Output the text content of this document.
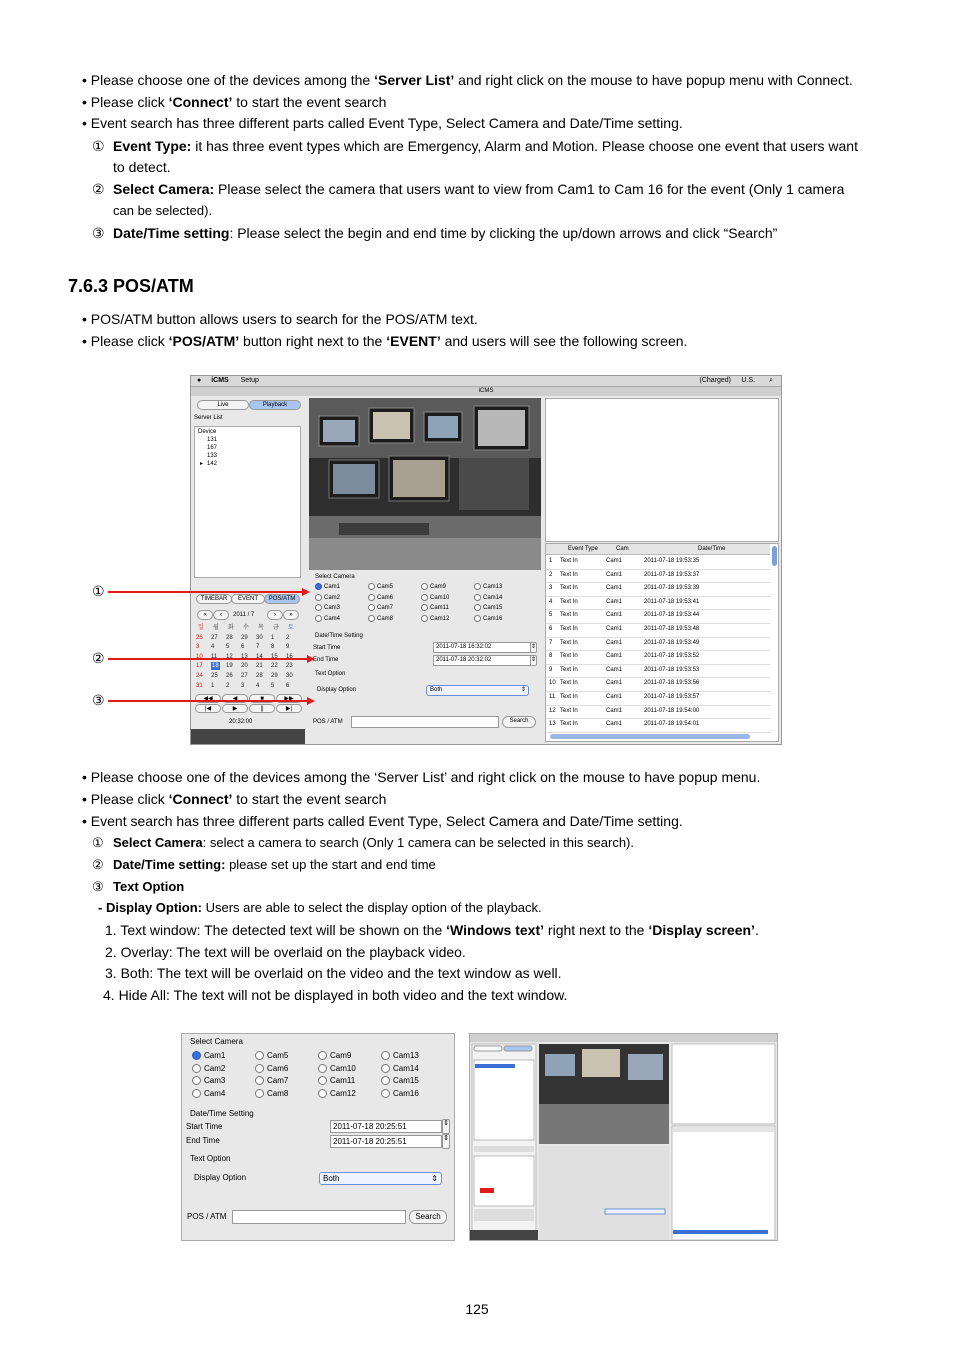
• Please choose one of the devices among the ‘Server List’ and right click on the mouse to have popup menu with Connect.
• Please click ‘Connect’ to start the event search
• Event search has three different parts called Event Type, Select Camera and Date/Time setting.
① Event Type: it has three event types which are Emergency, Alarm and Motion. Please choose one event that users want
to detect.
② Select Camera: Please select the camera that users want to view from Cam1 to Cam 16 for the event (Only 1 camera
can be selected).
③ Date/Time setting: Please select the begin and end time by clicking the up/down arrows and click “Search”
7.6.3 POS/ATM
• POS/ATM button allows users to search for the POS/ATM text.
• Please click ‘POS/ATM’ button right next to the ‘EVENT’ and users will see the following screen.
● iCMS Setup	(Charged) U.S. ⌕
iCMS
Live	Playback
Server List
Device
131
167
133
▸ 142
TIMEBAR	EVENT	POS/ATM
«	‹	2011 / 7	›	»
일 월 화 수 목 금 토
26 27 28 29 30 1 2
3 4 5 6 7 8 9
10 11 12 13 14 15 16
17 18 19 20 21 22 23
24 25 26 27 28 29 30
31 1 2 3 4 5 6
◀◀	◀	■	▶▶
|◀	▶	||	▶|
20:32:00
Event Type	Cam	Date/Time
1 Text In	Cam1	2011-07-18 19:53:35
2 Text In	Cam1	2011-07-18 19:53:37
3 Text In	Cam1	2011-07-18 19:53:39
4 Text In	Cam1	2011-07-18 19:53:41
5 Text In	Cam1	2011-07-18 19:53:44
6 Text In	Cam1	2011-07-18 19:53:48
7 Text In	Cam1	2011-07-18 19:53:49
8 Text In	Cam1	2011-07-18 19:53:52
9 Text In	Cam1	2011-07-18 19:53:53
10 Text In	Cam1	2011-07-18 19:53:56
11 Text In	Cam1	2011-07-18 19:53:57
12 Text In	Cam1	2011-07-18 19:54:00
13 Text In	Cam1	2011-07-18 19:54:01
Select Camera
Cam1	Cam5	Cam9	Cam13
Cam2	Cam6	Cam10	Cam14
Cam3	Cam7	Cam11	Cam15
Cam4	Cam8	Cam12	Cam16
Date/Time Setting
Start Time	2011-07-18 16:32:02	⇕
End Time	2011-07-18 20:32:02	⇕
Text Option
Display Option	Both	⇕
POS / ATM	Search
①
②
③
• Please choose one of the devices among the ‘Server List’ and right click on the mouse to have popup menu.
• Please click ‘Connect’ to start the event search
• Event search has three different parts called Event Type, Select Camera and Date/Time setting.
① Select Camera: select a camera to search (Only 1 camera can be selected in this search).
② Date/Time setting: please set up the start and end time
③ Text Option
- Display Option: Users are able to select the display option of the playback.
1. Text window: The detected text will be shown on the ‘Windows text’ right next to the ‘Display screen’.
2. Overlay: The text will be overlaid on the playback video.
3. Both: The text will be overlaid on the video and the text window as well.
4. Hide All: The text will not be displayed in both video and the text window.
Select Camera
Cam1	Cam5	Cam9	Cam13
Cam2	Cam6	Cam10	Cam14
Cam3	Cam7	Cam11	Cam15
Cam4	Cam8	Cam12	Cam16
Date/Time Setting
Start Time	2011-07-18 20:25:51	⇕
End Time	2011-07-18 20:25:51	⇕
Text Option
Display Option	Both	⇕
POS / ATM	Search
125
